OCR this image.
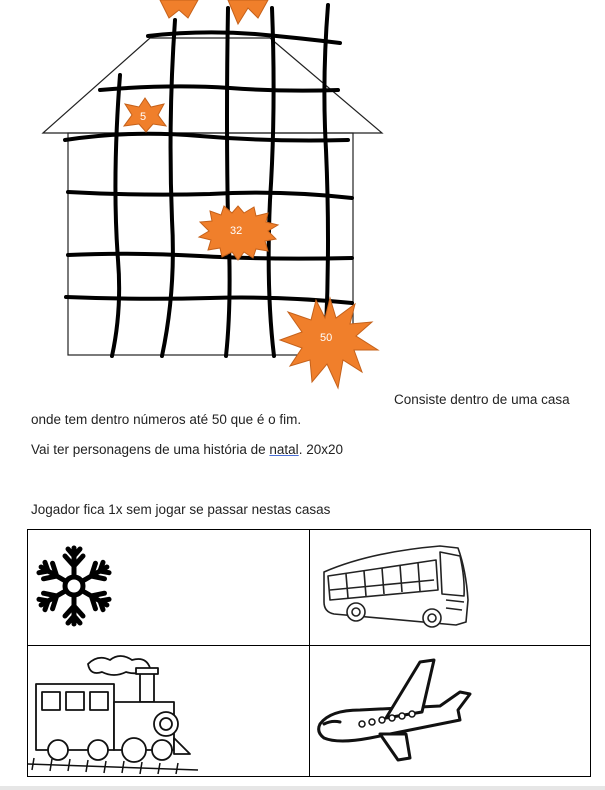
5
32
50
Consiste dentro de uma casa
onde tem dentro números até 50 que é o fim.
Vai ter personagens de uma história de natal. 20x20
Jogador fica 1x sem jogar se passar nestas casas
